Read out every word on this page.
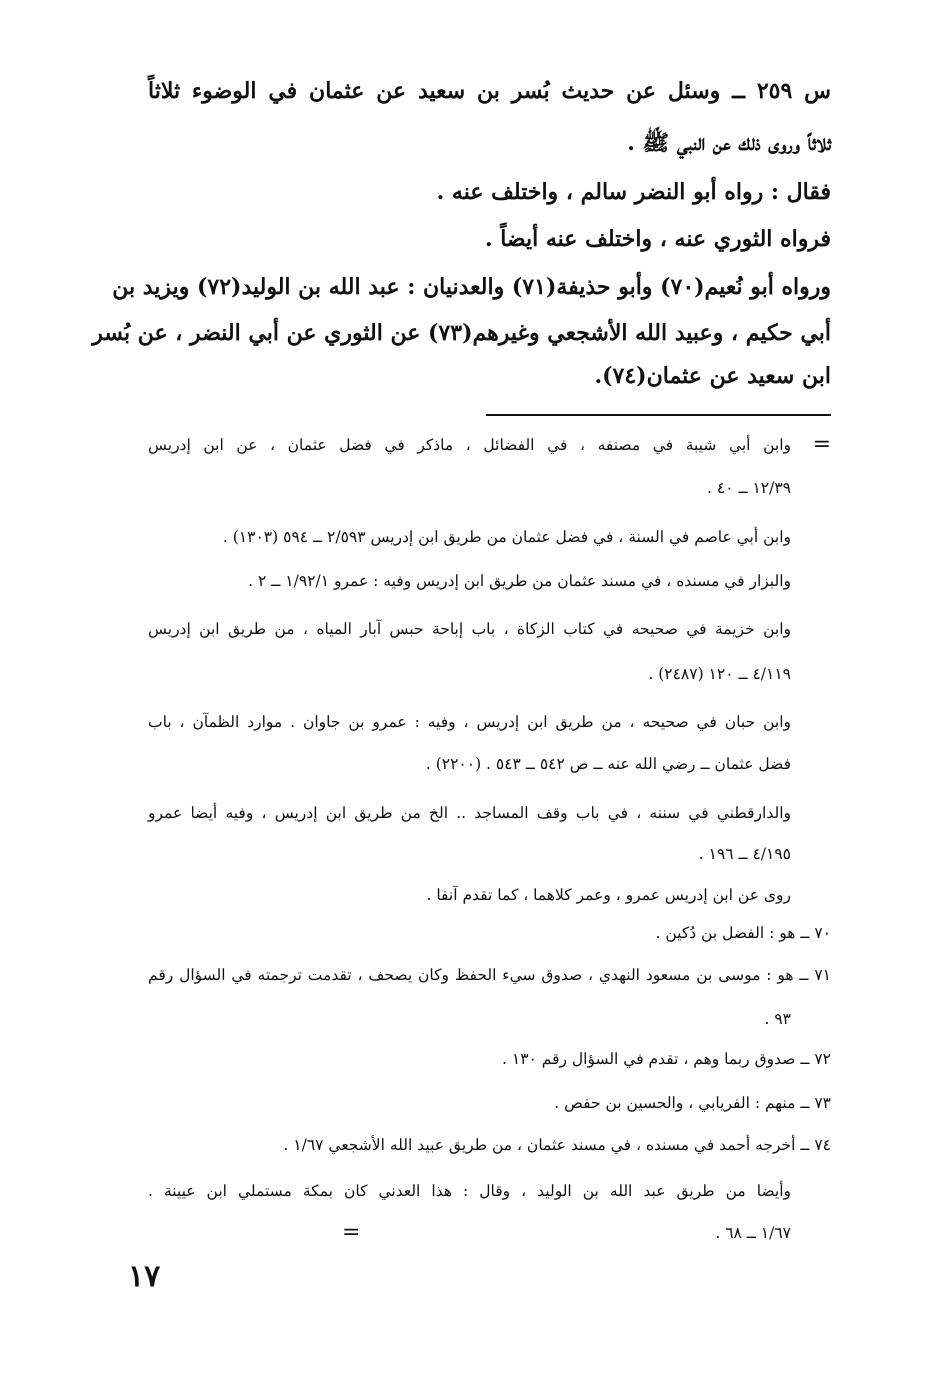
س ٢٥٩ ــ وسئل عن حديث بُسر بن سعيد عن عثمان في الوضوء ثلاثاً
ثلاثاً وروى ذلك عن النبي ﷺ .
فقال : رواه أبو النضر سالم ، واختلف عنه .
فرواه الثوري عنه ، واختلف عنه أيضاً .
ورواه أبو نُعيم(٧٠) وأبو حذيفة(٧١) والعدنيان : عبد الله بن الوليد(٧٢) ويزيد بن
أبي حكيم ، وعبيد الله الأشجعي وغيرهم(٧٣) عن الثوري عن أبي النضر ، عن بُسر
ابن سعيد عن عثمان(٧٤).
=
وابن أبي شيبة في مصنفه ، في الفضائل ، ماذكر في فضل عثمان ، عن ابن إدريس
١٢/٣٩ ــ ٤٠ .
وابن أبي عاصم في السنة ، في فضل عثمان من طريق ابن إدريس ٢/٥٩٣ ــ ٥٩٤ (١٣٠٣) .
والبزار في مسنده ، في مسند عثمان من طريق ابن إدريس وفيه : عمرو ١/٩٢/١ ــ ٢ .
وابن خزيمة في صحيحه في كتاب الزكاة ، باب إباحة حبس آبار المياه ، من طريق ابن إدريس
٤/١١٩ ــ ١٢٠ (٢٤٨٧) .
وابن حبان في صحيحه ، من طريق ابن إدريس ، وفيه : عمرو بن جاوان . موارد الظمآن ، باب
فضل عثمان ــ رضي الله عنه ــ ص ٥٤٢ ــ ٥٤٣ . (٢٢٠٠) .
والدارقطني في سننه ، في باب وقف المساجد .. الخ من طريق ابن إدريس ، وفيه أيضا عمرو
٤/١٩٥ ــ ١٩٦ .
روى عن ابن إدريس عمرو ، وعمر كلاهما ، كما تقدم آنفا .
٧٠ ــ هو : الفضل بن دُكين .
٧١ ــ هو : موسى بن مسعود النهدي ، صدوق سيء الحفظ وكان يصحف ، تقدمت ترجمته في السؤال رقم
٩٣ .
٧٢ ــ صدوق ربما وهم ، تقدم في السؤال رقم ١٣٠ .
٧٣ ــ منهم : الفريابي ، والحسين بن حفص .
٧٤ ــ أخرجه أحمد في مسنده ، في مسند عثمان ، من طريق عبيد الله الأشجعي ١/٦٧ .
وأيضا من طريق عبد الله بن الوليد ، وقال : هذا العدني كان بمكة مستملي ابن عيينة .
١/٦٧ ــ ٦٨ .
=
١٧
